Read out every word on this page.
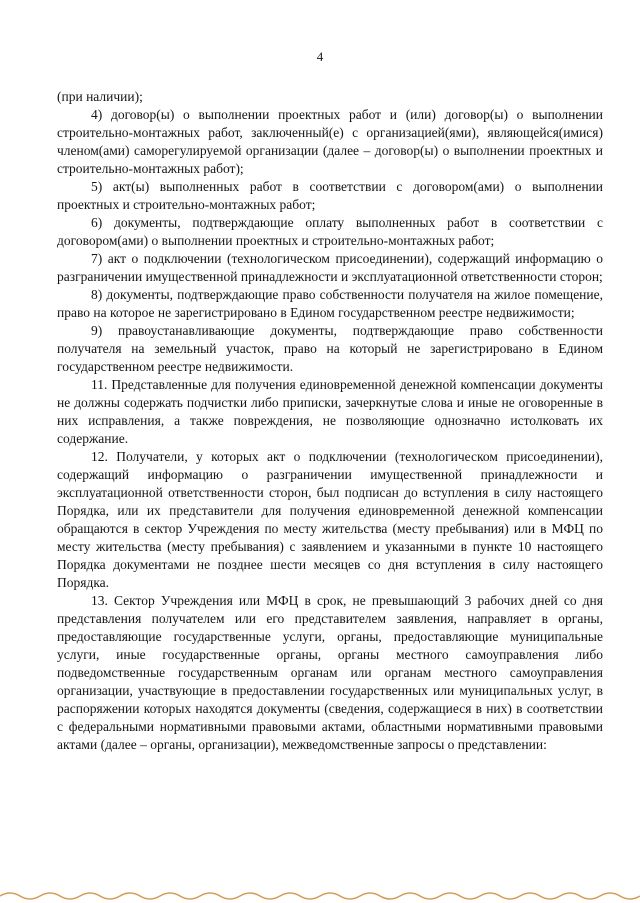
4

(при наличии);

4) договор(ы) о выполнении проектных работ и (или) договор(ы) о выполнении строительно-монтажных работ, заключенный(е) с организацией(ями), являющейся(имися) членом(ами) саморегулируемой организации (далее – договор(ы) о выполнении проектных и строительно-монтажных работ);

5) акт(ы) выполненных работ в соответствии с договором(ами) о выполнении проектных и строительно-монтажных работ;

6) документы, подтверждающие оплату выполненных работ в соответствии с договором(ами) о выполнении проектных и строительно-монтажных работ;

7) акт о подключении (технологическом присоединении), содержащий информацию о разграничении имущественной принадлежности и эксплуатационной ответственности сторон;

8) документы, подтверждающие право собственности получателя на жилое помещение, право на которое не зарегистрировано в Едином государственном реестре недвижимости;

9) правоустанавливающие документы, подтверждающие право собственности получателя на земельный участок, право на который не зарегистрировано в Едином государственном реестре недвижимости.

11. Представленные для получения единовременной денежной компенсации документы не должны содержать подчистки либо приписки, зачеркнутые слова и иные не оговоренные в них исправления, а также повреждения, не позволяющие однозначно истолковать их содержание.

12. Получатели, у которых акт о подключении (технологическом присоединении), содержащий информацию о разграничении имущественной принадлежности и эксплуатационной ответственности сторон, был подписан до вступления в силу настоящего Порядка, или их представители для получения единовременной денежной компенсации обращаются в сектор Учреждения по месту жительства (месту пребывания) или в МФЦ по месту жительства (месту пребывания) с заявлением и указанными в пункте 10 настоящего Порядка документами не позднее шести месяцев со дня вступления в силу настоящего Порядка.

13. Сектор Учреждения или МФЦ в срок, не превышающий 3 рабочих дней со дня представления получателем или его представителем заявления, направляет в органы, предоставляющие государственные услуги, органы, предоставляющие муниципальные услуги, иные государственные органы, органы местного самоуправления либо подведомственные государственным органам или органам местного самоуправления организации, участвующие в предоставлении государственных или муниципальных услуг, в распоряжении которых находятся документы (сведения, содержащиеся в них) в соответствии с федеральными нормативными правовыми актами, областными нормативными правовыми актами (далее – органы, организации), межведомственные запросы о представлении:
